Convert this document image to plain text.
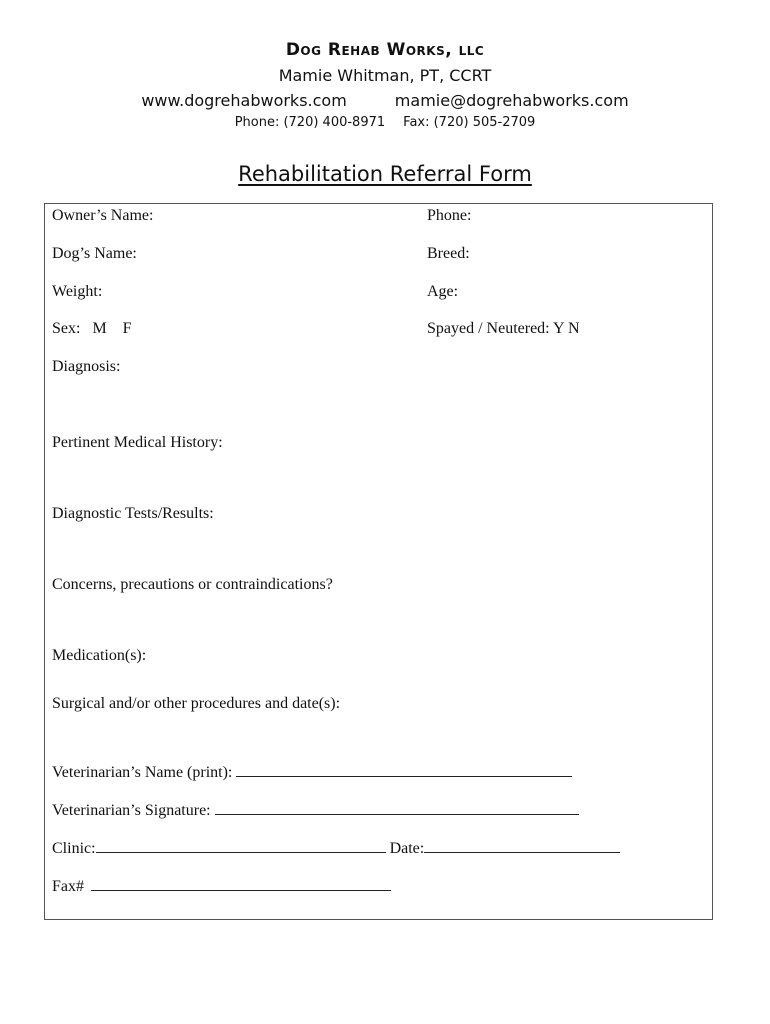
Dog Rehab Works, llc
Mamie Whitman, PT, CCRT
www.dogrehabworks.com	mamie@dogrehabworks.com
Phone: (720) 400-8971 Fax: (720) 505-2709
Rehabilitation Referral Form
Owner’s Name:	Phone:
Dog’s Name:	Breed:
Weight:	Age:
Sex:   M    F	Spayed / Neutered: Y N
Diagnosis:
Pertinent Medical History:
Diagnostic Tests/Results:
Concerns, precautions or contraindications?
Medication(s):
Surgical and/or other procedures and date(s):
Veterinarian’s Name (print):
Veterinarian’s Signature:
Clinic:	Date:
Fax#
